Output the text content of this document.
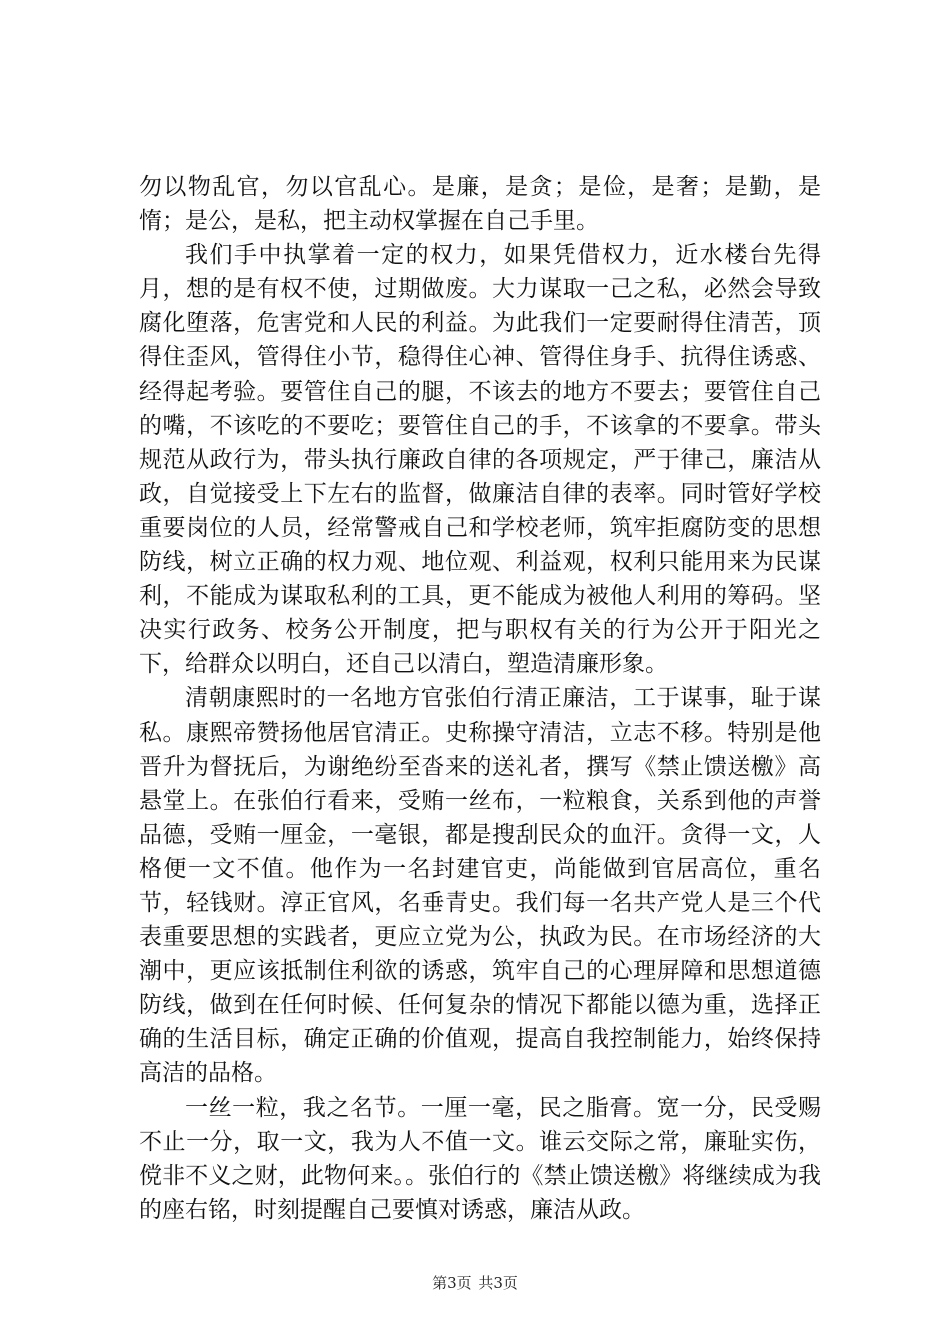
勿以物乱官，勿以官乱心。是廉，是贪；是俭，是奢；是勤，是惰；是公，是私，把主动权掌握在自己手里。

我们手中执掌着一定的权力，如果凭借权力，近水楼台先得月，想的是有权不使，过期做废。大力谋取一己之私，必然会导致腐化堕落，危害党和人民的利益。为此我们一定要耐得住清苦，顶得住歪风，管得住小节，稳得住心神、管得住身手、抗得住诱惑、经得起考验。要管住自己的腿，不该去的地方不要去；要管住自己的嘴，不该吃的不要吃；要管住自己的手，不该拿的不要拿。带头规范从政行为，带头执行廉政自律的各项规定，严于律己，廉洁从政，自觉接受上下左右的监督，做廉洁自律的表率。同时管好学校重要岗位的人员，经常警戒自己和学校老师，筑牢拒腐防变的思想防线，树立正确的权力观、地位观、利益观，权利只能用来为民谋利，不能成为谋取私利的工具，更不能成为被他人利用的筹码。坚决实行政务、校务公开制度，把与职权有关的行为公开于阳光之下，给群众以明白，还自己以清白，塑造清廉形象。

清朝康熙时的一名地方官张伯行清正廉洁，工于谋事，耻于谋私。康熙帝赞扬他居官清正。史称操守清洁，立志不移。特别是他晋升为督抚后，为谢绝纷至沓来的送礼者，撰写《禁止馈送檄》高悬堂上。在张伯行看来，受贿一丝布，一粒粮食，关系到他的声誉品德，受贿一厘金，一毫银，都是搜刮民众的血汗。贪得一文，人格便一文不值。他作为一名封建官吏，尚能做到官居高位，重名节，轻钱财。淳正官风，名垂青史。我们每一名共产党人是三个代表重要思想的实践者，更应立党为公，执政为民。在市场经济的大潮中，更应该抵制住利欲的诱惑，筑牢自己的心理屏障和思想道德防线，做到在任何时候、任何复杂的情况下都能以德为重，选择正确的生活目标，确定正确的价值观，提高自我控制能力，始终保持高洁的品格。

一丝一粒，我之名节。一厘一毫，民之脂膏。宽一分，民受赐不止一分，取一文，我为人不值一文。谁云交际之常，廉耻实伤，傥非不义之财，此物何来。。张伯行的《禁止馈送檄》将继续成为我的座右铭，时刻提醒自己要慎对诱惑，廉洁从政。

第3页 共3页
